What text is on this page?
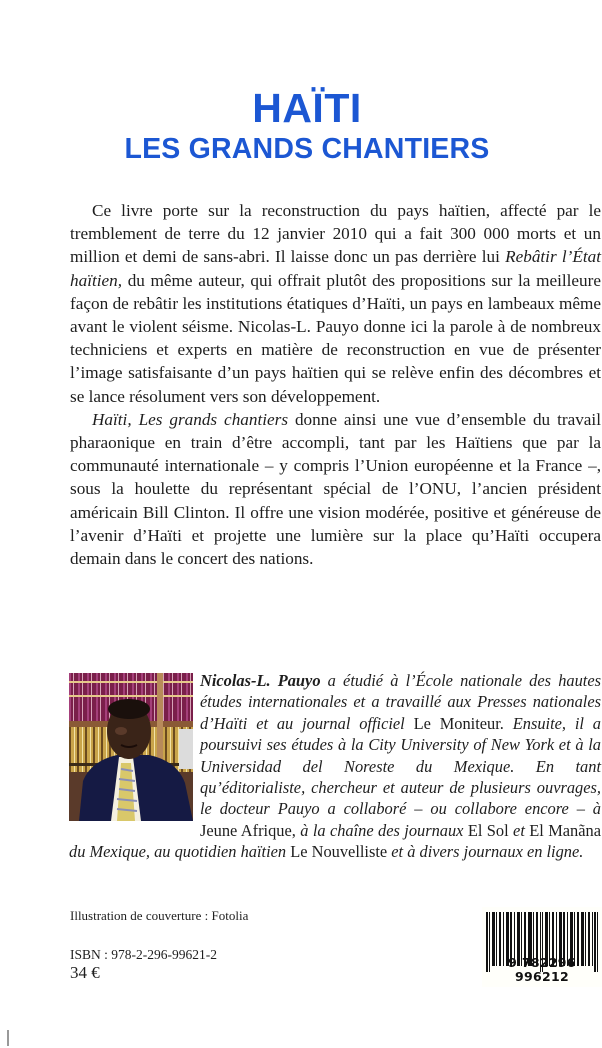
HAÏTI
LES GRANDS CHANTIERS

Ce livre porte sur la reconstruction du pays haïtien, affecté par le tremblement de terre du 12 janvier 2010 qui a fait 300 000 morts et un million et demi de sans-abri. Il laisse donc un pas derrière lui Rebâtir l’État haïtien, du même auteur, qui offrait plutôt des propositions sur la meilleure façon de rebâtir les institutions étatiques d’Haïti, un pays en lambeaux même avant le violent séisme. Nicolas-L. Pauyo donne ici la parole à de nombreux techniciens et experts en matière de reconstruction en vue de présenter l’image satisfaisante d’un pays haïtien qui se relève enfin des décombres et se lance résolument vers son développement.

Haïti, Les grands chantiers donne ainsi une vue d’ensemble du travail pharaonique en train d’être accompli, tant par les Haïtiens que par la communauté internationale – y compris l’Union européenne et la France –, sous la houlette du représentant spécial de l’ONU, l’ancien président américain Bill Clinton. Il offre une vision modérée, positive et généreuse de l’avenir d’Haïti et projette une lumière sur la place qu’Haïti occupera demain dans le concert des nations.

Nicolas-L. Pauyo a étudié à l’École nationale des hautes études internationales et a travaillé aux Presses nationales d’Haïti et au journal officiel Le Moniteur. Ensuite, il a poursuivi ses études à la City University of New York et à la Universidad del Noreste du Mexique. En tant qu’éditorialiste, chercheur et auteur de plusieurs ouvrages, le docteur Pauyo a collaboré – ou collabore encore – à Jeune Afrique, à la chaîne des journaux El Sol et El Manãna du Mexique, au quotidien haïtien Le Nouvelliste et à divers journaux en ligne.
Illustration de couverture : Fotolia
ISBN : 978-2-296-99621-2
34 €
9 782296 996212
